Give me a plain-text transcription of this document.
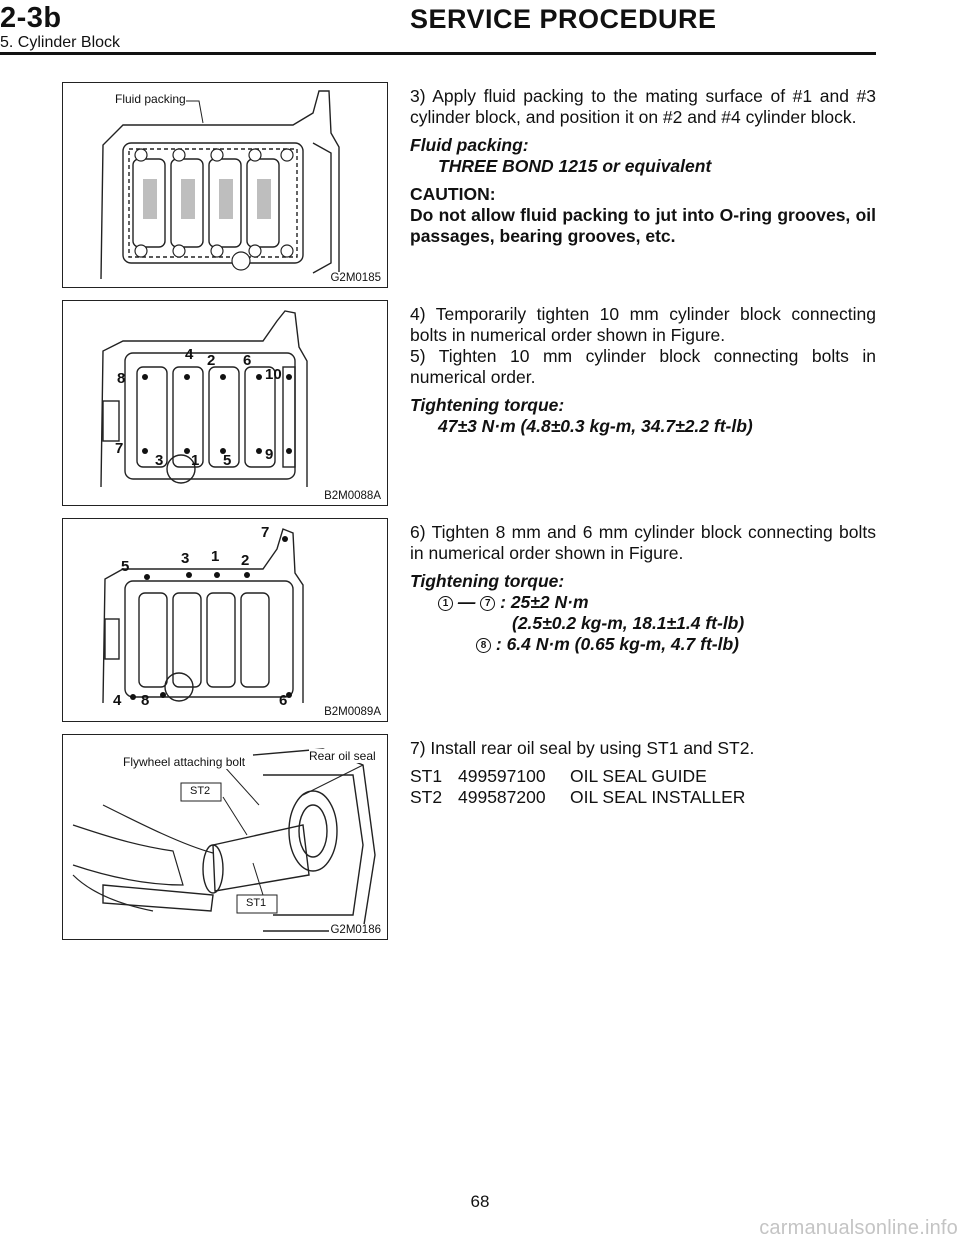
2-3b	SERVICE PROCEDURE
5. Cylinder Block
Fluid packing
G2M0185

3) Apply fluid packing to the mating surface of #1 and #3 cylinder block, and position it on #2 and #4 cylinder block.

Fluid packing:

THREE BOND 1215 or equivalent

CAUTION:

Do not allow fluid packing to jut into O-ring grooves, oil passages, bearing grooves, etc.

4 2 6
8	10
7
3 1 5 9
B2M0088A

4) Temporarily tighten 10 mm cylinder block connecting bolts in numerical order shown in Figure.

5) Tighten 10 mm cylinder block connecting bolts in numerical order.

Tightening torque:

47±3 N·m (4.8±0.3 kg-m, 34.7±2.2 ft-lb)

7
5	3 1 2
4 8	6
B2M0089A

6) Tighten 8 mm and 6 mm cylinder block connecting bolts in numerical order shown in Figure.

Tightening torque:

1 — 7 : 25±2 N·m

(2.5±0.2 kg-m, 18.1±1.4 ft-lb)

8 : 6.4 N·m (0.65 kg-m, 4.7 ft-lb)

Flywheel attaching bolt	Rear oil seal
ST2
ST1
G2M0186

7) Install rear oil seal by using ST1 and ST2.

ST1 499597100 OIL SEAL GUIDE

ST2 499587200 OIL SEAL INSTALLER

68
carmanualsonline.info
